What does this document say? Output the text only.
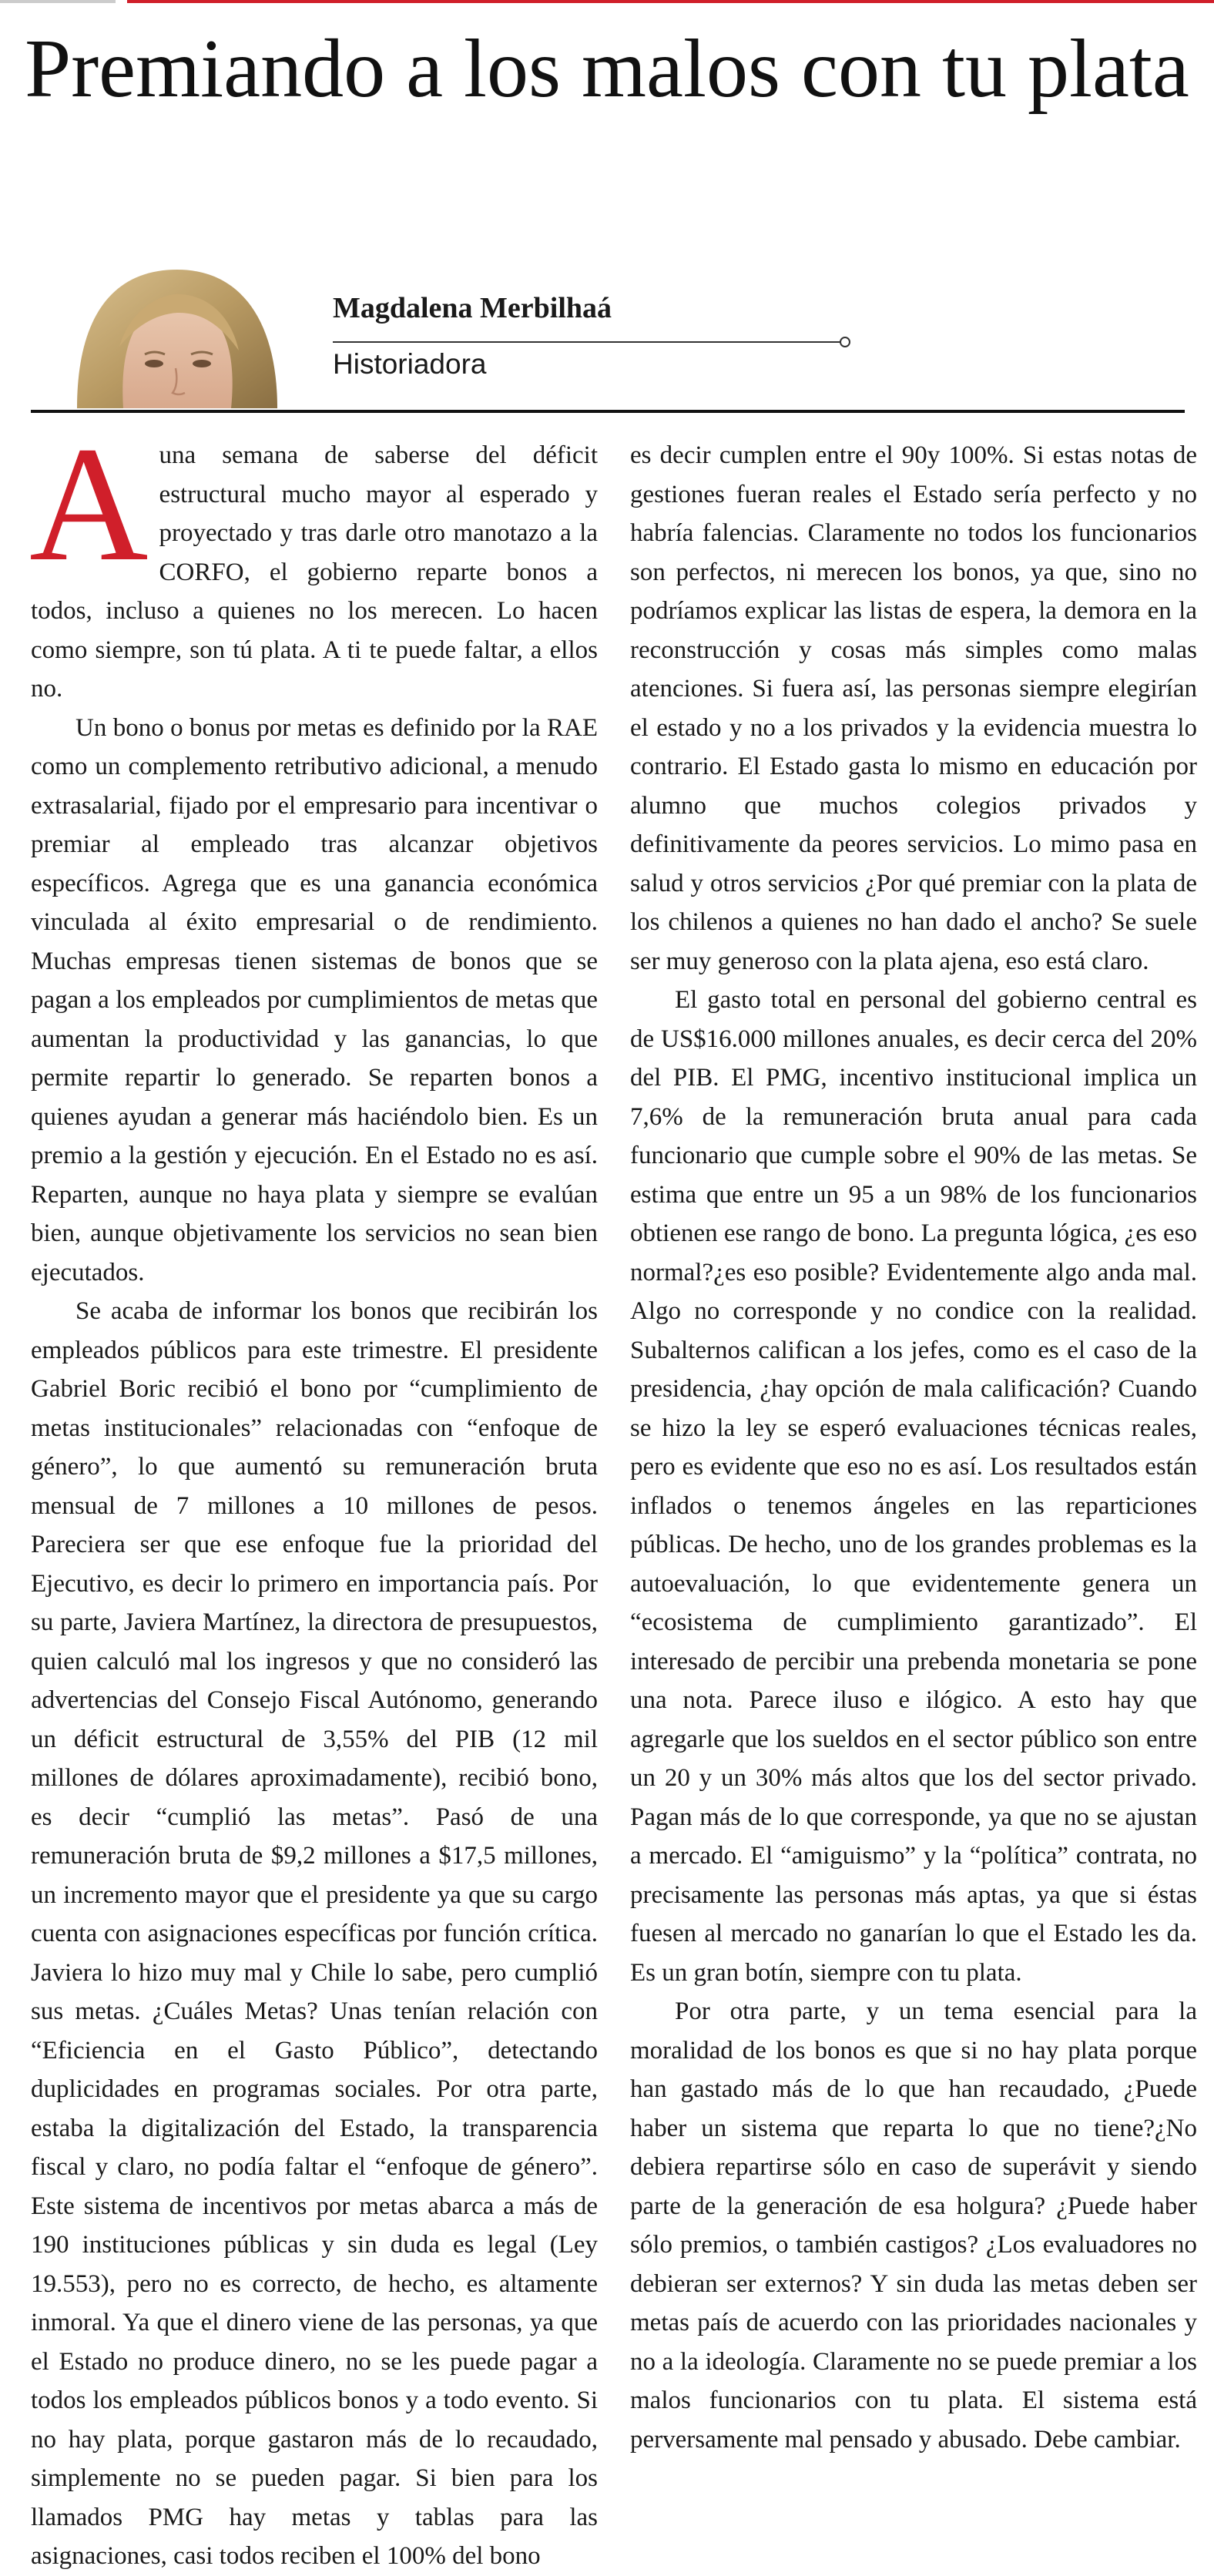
Premiando a los malos con tu plata
Magdalena Merbilhaá
Historiadora

A una semana de saberse del déficit estructural mucho mayor al esperado y proyectado y tras darle otro manotazo a la CORFO, el gobierno reparte bonos a todos, incluso a quienes no los merecen. Lo hacen como siempre, son tú plata. A ti te puede faltar, a ellos no.

Un bono o bonus por metas es definido por la RAE como un complemento retributivo adicional, a menudo extrasalarial, fijado por el empresario para incentivar o premiar al empleado tras alcanzar objetivos específicos. Agrega que es una ganancia económica vinculada al éxito empresarial o de rendimiento. Muchas empresas tienen sistemas de bonos que se pagan a los empleados por cumplimientos de metas que aumentan la productividad y las ganancias, lo que permite repartir lo generado. Se reparten bonos a quienes ayudan a generar más haciéndolo bien. Es un premio a la gestión y ejecución. En el Estado no es así. Reparten, aunque no haya plata y siempre se evalúan bien, aunque objetivamente los servicios no sean bien ejecutados.

Se acaba de informar los bonos que recibirán los empleados públicos para este trimestre. El presidente Gabriel Boric recibió el bono por “cumplimiento de metas institucionales” relacionadas con “enfoque de género”, lo que aumentó su remuneración bruta mensual de 7 millones a 10 millones de pesos. Pareciera ser que ese enfoque fue la prioridad del Ejecutivo, es decir lo primero en importancia país. Por su parte, Javiera Martínez, la directora de presupuestos, quien calculó mal los ingresos y que no consideró las advertencias del Consejo Fiscal Autónomo, generando un déficit estructural de 3,55% del PIB (12 mil millones de dólares aproximadamente), recibió bono, es decir “cumplió las metas”. Pasó de una remuneración bruta de $9,2 millones a $17,5 millones, un incremento mayor que el presidente ya que su cargo cuenta con asignaciones específicas por función crítica. Javiera lo hizo muy mal y Chile lo sabe, pero cumplió sus metas. ¿Cuáles Metas? Unas tenían relación con “Eficiencia en el Gasto Público”, detectando duplicidades en programas sociales. Por otra parte, estaba la digitalización del Estado, la transparencia fiscal y claro, no podía faltar el “enfoque de género”. Este sistema de incentivos por metas abarca a más de 190 instituciones públicas y sin duda es legal (Ley 19.553), pero no es correcto, de hecho, es altamente inmoral. Ya que el dinero viene de las personas, ya que el Estado no produce dinero, no se les puede pagar a todos los empleados públicos bonos y a todo evento. Si no hay plata, porque gastaron más de lo recaudado, simplemente no se pueden pagar. Si bien para los llamados PMG hay metas y tablas para las asignaciones, casi todos reciben el 100% del bono

es decir cumplen entre el 90y 100%. Si estas notas de gestiones fueran reales el Estado sería perfecto y no habría falencias. Claramente no todos los funcionarios son perfectos, ni merecen los bonos, ya que, sino no podríamos explicar las listas de espera, la demora en la reconstrucción y cosas más simples como malas atenciones. Si fuera así, las personas siempre elegirían el estado y no a los privados y la evidencia muestra lo contrario. El Estado gasta lo mismo en educación por alumno que muchos colegios privados y definitivamente da peores servicios. Lo mimo pasa en salud y otros servicios ¿Por qué premiar con la plata de los chilenos a quienes no han dado el ancho? Se suele ser muy generoso con la plata ajena, eso está claro.

El gasto total en personal del gobierno central es de US$16.000 millones anuales, es decir cerca del 20% del PIB. El PMG, incentivo institucional implica un 7,6% de la remuneración bruta anual para cada funcionario que cumple sobre el 90% de las metas. Se estima que entre un 95 a un 98% de los funcionarios obtienen ese rango de bono. La pregunta lógica, ¿es eso normal?¿es eso posible? Evidentemente algo anda mal. Algo no corresponde y no condice con la realidad. Subalternos califican a los jefes, como es el caso de la presidencia, ¿hay opción de mala calificación? Cuando se hizo la ley se esperó evaluaciones técnicas reales, pero es evidente que eso no es así. Los resultados están inflados o tenemos ángeles en las reparticiones públicas. De hecho, uno de los grandes problemas es la autoevaluación, lo que evidentemente genera un “ecosistema de cumplimiento garantizado”. El interesado de percibir una prebenda monetaria se pone una nota. Parece iluso e ilógico. A esto hay que agregarle que los sueldos en el sector público son entre un 20 y un 30% más altos que los del sector privado. Pagan más de lo que corresponde, ya que no se ajustan a mercado. El “amiguismo” y la “política” contrata, no precisamente las personas más aptas, ya que si éstas fuesen al mercado no ganarían lo que el Estado les da. Es un gran botín, siempre con tu plata.

Por otra parte, y un tema esencial para la moralidad de los bonos es que si no hay plata porque han gastado más de lo que han recaudado, ¿Puede haber un sistema que reparta lo que no tiene?¿No debiera repartirse sólo en caso de superávit y siendo parte de la generación de esa holgura? ¿Puede haber sólo premios, o también castigos? ¿Los evaluadores no debieran ser externos? Y sin duda las metas deben ser metas país de acuerdo con las prioridades nacionales y no a la ideología. Claramente no se puede premiar a los malos funcionarios con tu plata. El sistema está perversamente mal pensado y abusado. Debe cambiar.
